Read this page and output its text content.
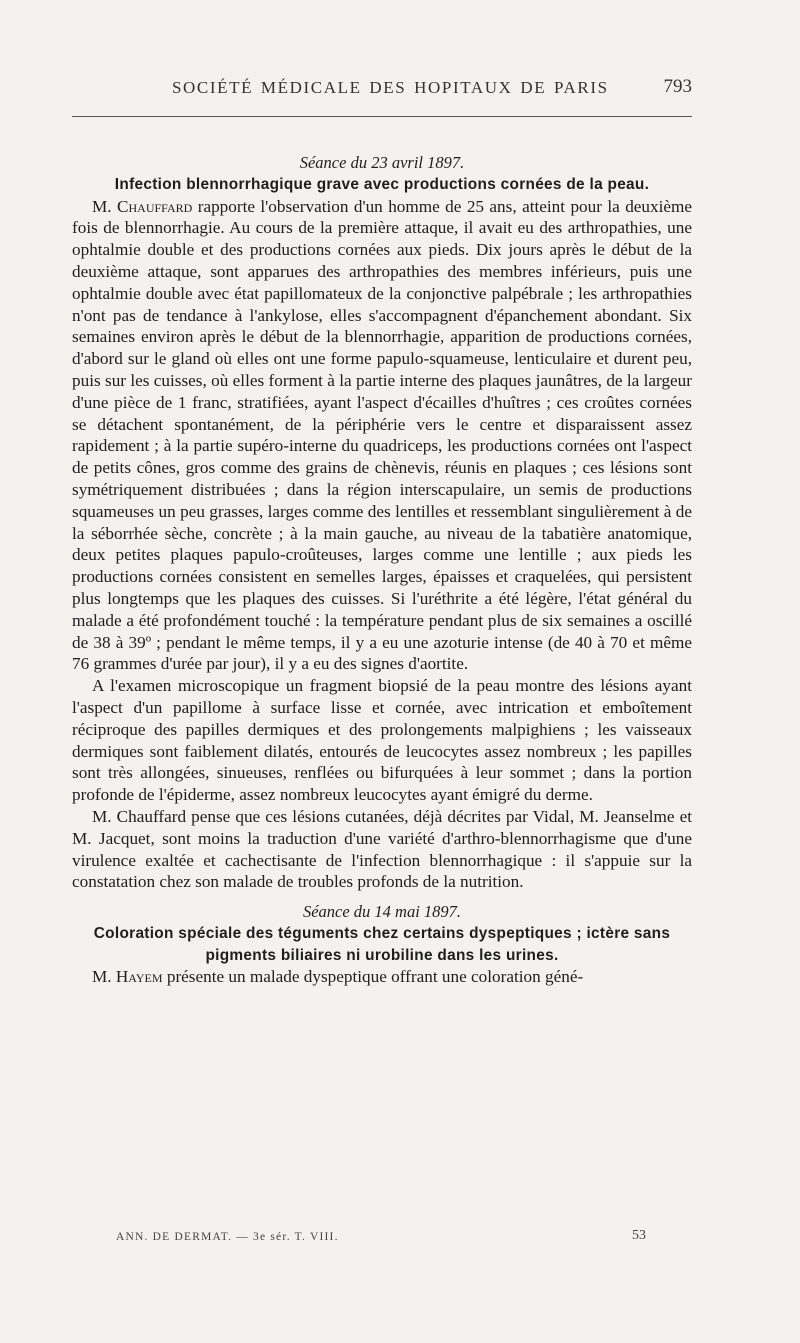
SOCIÉTÉ MÉDICALE DES HOPITAUX DE PARIS	793

Séance du 23 avril 1897.

Infection blennorrhagique grave avec productions cornées de la peau.

M. Chauffard rapporte l'observation d'un homme de 25 ans, atteint pour la deuxième fois de blennorrhagie. Au cours de la première attaque, il avait eu des arthropathies, une ophtalmie double et des productions cornées aux pieds. Dix jours après le début de la deuxième attaque, sont apparues des arthropathies des membres inférieurs, puis une ophtalmie double avec état papillomateux de la conjonctive palpébrale ; les arthropathies n'ont pas de tendance à l'ankylose, elles s'accompagnent d'épanchement abondant. Six semaines environ après le début de la blennorrhagie, apparition de productions cornées, d'abord sur le gland où elles ont une forme papulo-squameuse, lenticulaire et durent peu, puis sur les cuisses, où elles forment à la partie interne des plaques jaunâtres, de la largeur d'une pièce de 1 franc, stratifiées, ayant l'aspect d'écailles d'huîtres ; ces croûtes cornées se détachent spontanément, de la périphérie vers le centre et disparaissent assez rapidement ; à la partie supéro-interne du quadriceps, les productions cornées ont l'aspect de petits cônes, gros comme des grains de chènevis, réunis en plaques ; ces lésions sont symétriquement distribuées ; dans la région interscapulaire, un semis de productions squameuses un peu grasses, larges comme des lentilles et ressemblant singulièrement à de la séborrhée sèche, concrète ; à la main gauche, au niveau de la tabatière anatomique, deux petites plaques papulo-croûteuses, larges comme une lentille ; aux pieds les productions cornées consistent en semelles larges, épaisses et craquelées, qui persistent plus longtemps que les plaques des cuisses. Si l'uréthrite a été légère, l'état général du malade a été profondément touché : la température pendant plus de six semaines a oscillé de 38 à 39º ; pendant le même temps, il y a eu une azoturie intense (de 40 à 70 et même 76 grammes d'urée par jour), il y a eu des signes d'aortite.

A l'examen microscopique un fragment biopsié de la peau montre des lésions ayant l'aspect d'un papillome à surface lisse et cornée, avec intrication et emboîtement réciproque des papilles dermiques et des prolongements malpighiens ; les vaisseaux dermiques sont faiblement dilatés, entourés de leucocytes assez nombreux ; les papilles sont très allongées, sinueuses, renflées ou bifurquées à leur sommet ; dans la portion profonde de l'épiderme, assez nombreux leucocytes ayant émigré du derme.

M. Chauffard pense que ces lésions cutanées, déjà décrites par Vidal, M. Jeanselme et M. Jacquet, sont moins la traduction d'une variété d'arthro-blennorrhagisme que d'une virulence exaltée et cachectisante de l'infection blennorrhagique : il s'appuie sur la constatation chez son malade de troubles profonds de la nutrition.

Séance du 14 mai 1897.

Coloration spéciale des téguments chez certains dyspeptiques ; ictère sans pigments biliaires ni urobiline dans les urines.

M. Hayem présente un malade dyspeptique offrant une coloration géné-

ANN. DE DERMAT. — 3e sér. T. VIII.	53
